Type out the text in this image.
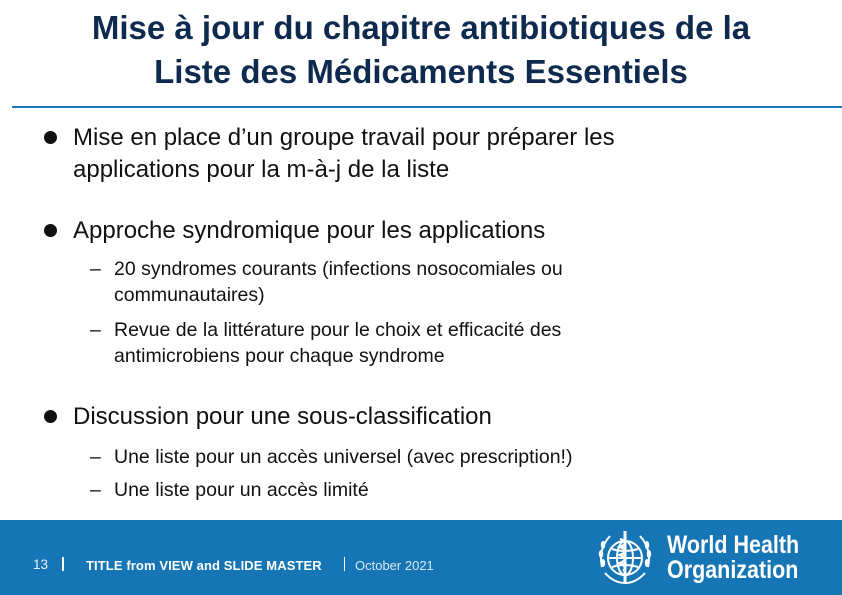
Mise à jour du chapitre antibiotiques de la
Liste des Médicaments Essentiels
Mise en place d’un groupe travail pour préparer les
applications pour la m-à-j de la liste
Approche syndromique pour les applications
– 20 syndromes courants (infections nosocomiales ou
communautaires)
– Revue de la littérature pour le choix et efficacité des
antimicrobiens pour chaque syndrome
Discussion pour une sous-classification
– Une liste pour un accès universel (avec prescription!)
– Une liste pour un accès limité
13	TITLE from VIEW and SLIDE MASTER	October 2021
World Health
Organization
